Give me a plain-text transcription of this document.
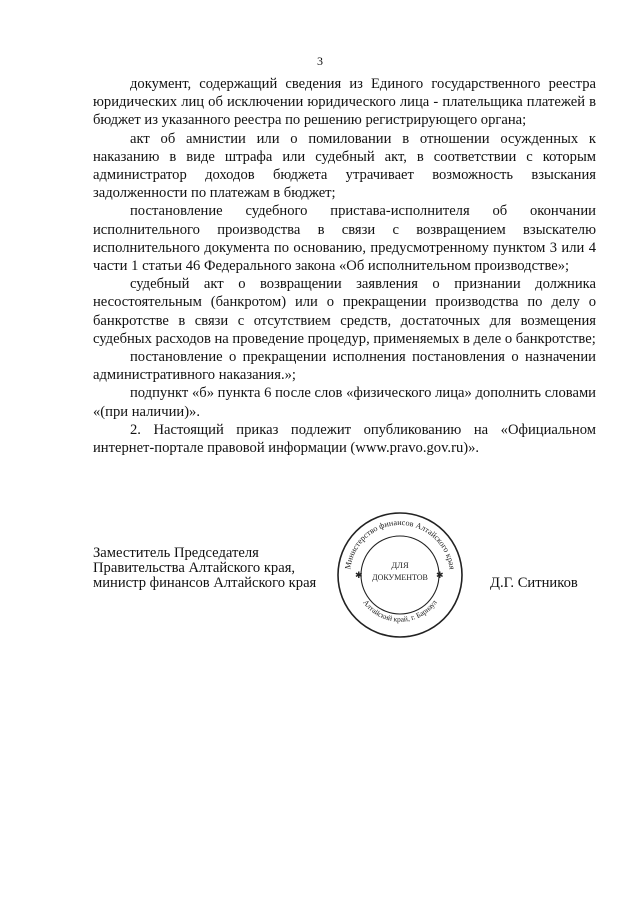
3

документ, содержащий сведения из Единого государственного реестра юридических лиц об исключении юридического лица - плательщика платежей в бюджет из указанного реестра по решению регистрирующего органа;

акт об амнистии или о помиловании в отношении осужденных к наказанию в виде штрафа или судебный акт, в соответствии с которым администратор доходов бюджета утрачивает возможность взыскания задолженности по платежам в бюджет;

постановление судебного пристава-исполнителя об окончании исполнительного производства в связи с возвращением взыскателю исполнительного документа по основанию, предусмотренному пунктом 3 или 4 части 1 статьи 46 Федерального закона «Об исполнительном производстве»;

судебный акт о возвращении заявления о признании должника несостоятельным (банкротом) или о прекращении производства по делу о банкротстве в связи с отсутствием средств, достаточных для возмещения судебных расходов на проведение процедур, применяемых в деле о банкротстве;

постановление о прекращении исполнения постановления о назначении административного наказания.»;

подпункт «б» пункта 6 после слов «физического лица» дополнить словами «(при наличии)».

2. Настоящий приказ подлежит опубликованию на «Официальном интернет-портале правовой информации (www.pravo.gov.ru)».

Заместитель Председателя
Правительства Алтайского края,
министр финансов Алтайского края
Министерство финансов Алтайского края
Алтайский край, г. Барнаул
✱	✱
ДЛЯ
ДОКУМЕНТОВ	Д.Г. Ситников
